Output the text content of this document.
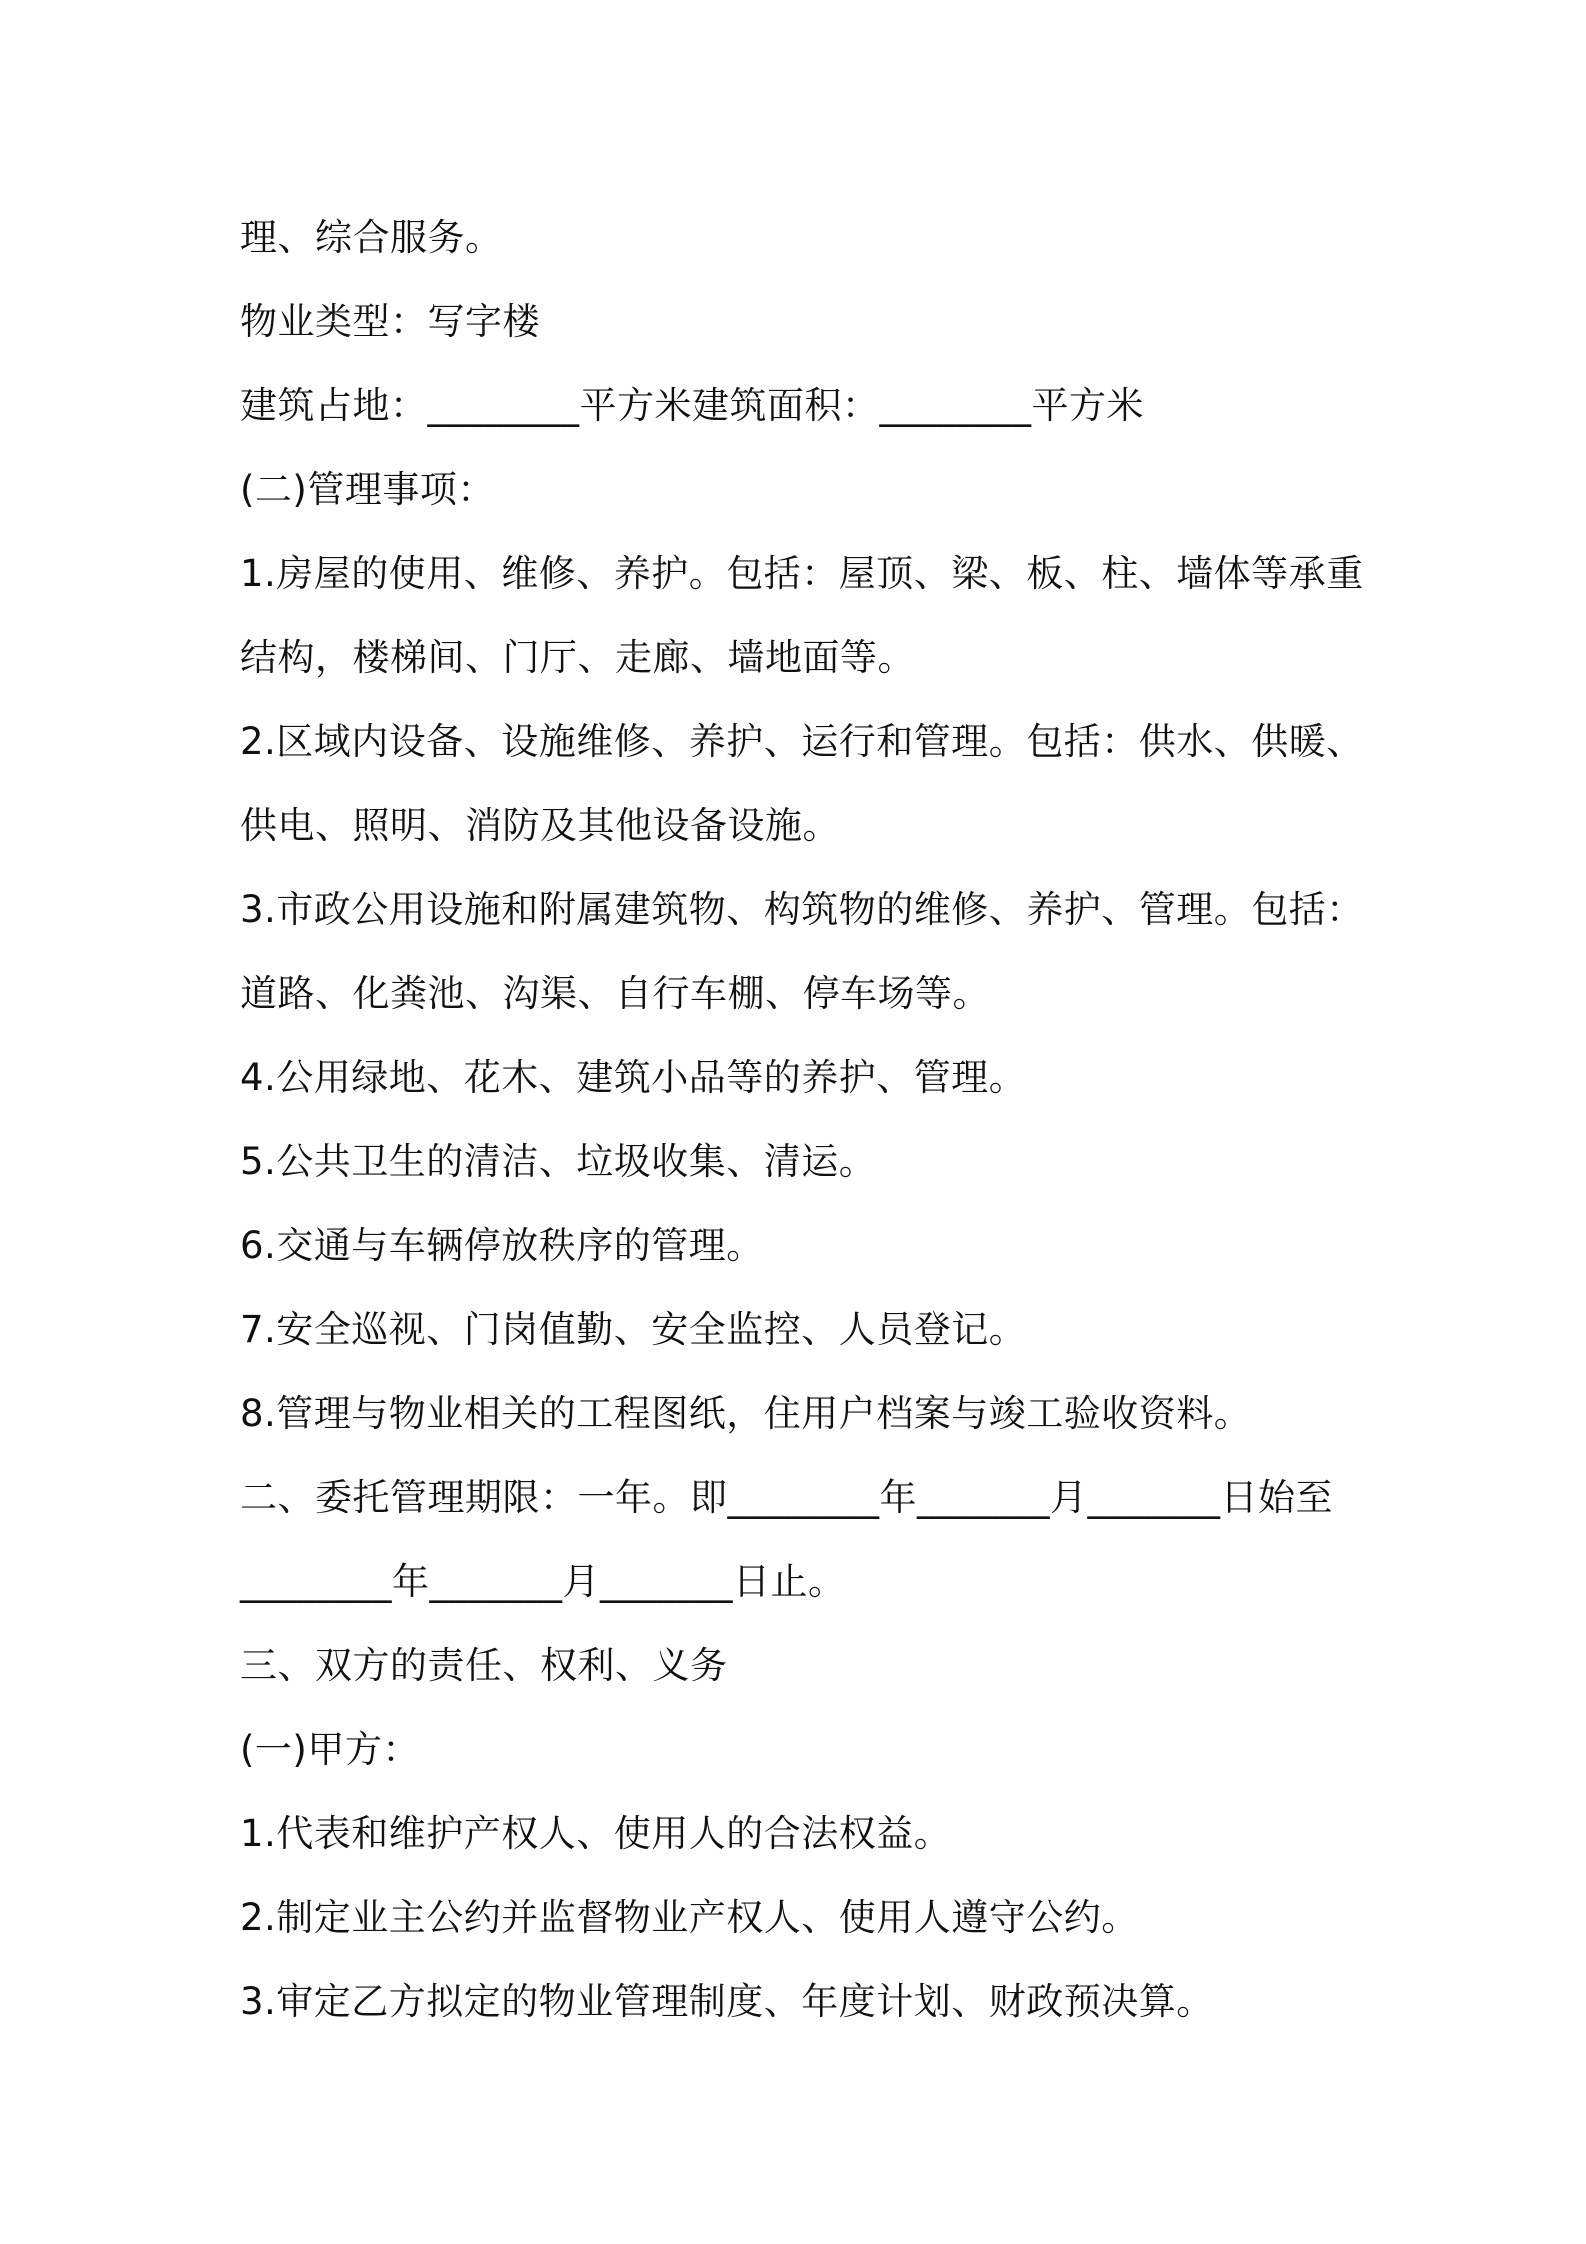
理、综合服务。
物业类型：写字楼
建筑占地：________平方米建筑面积：________平方米
(二)管理事项：
1.房屋的使用、维修、养护。包括：屋顶、梁、板、柱、墙体等承重
结构，楼梯间、门厅、走廊、墙地面等。
2.区域内设备、设施维修、养护、运行和管理。包括：供水、供暖、
供电、照明、消防及其他设备设施。
3.市政公用设施和附属建筑物、构筑物的维修、养护、管理。包括：
道路、化粪池、沟渠、自行车棚、停车场等。
4.公用绿地、花木、建筑小品等的养护、管理。
5.公共卫生的清洁、垃圾收集、清运。
6.交通与车辆停放秩序的管理。
7.安全巡视、门岗值勤、安全监控、人员登记。
8.管理与物业相关的工程图纸，住用户档案与竣工验收资料。
二、委托管理期限：一年。即________年_______月_______日始至
________年_______月_______日止。
三、双方的责任、权利、义务
(一)甲方：
1.代表和维护产权人、使用人的合法权益。
2.制定业主公约并监督物业产权人、使用人遵守公约。
3.审定乙方拟定的物业管理制度、年度计划、财政预决算。
